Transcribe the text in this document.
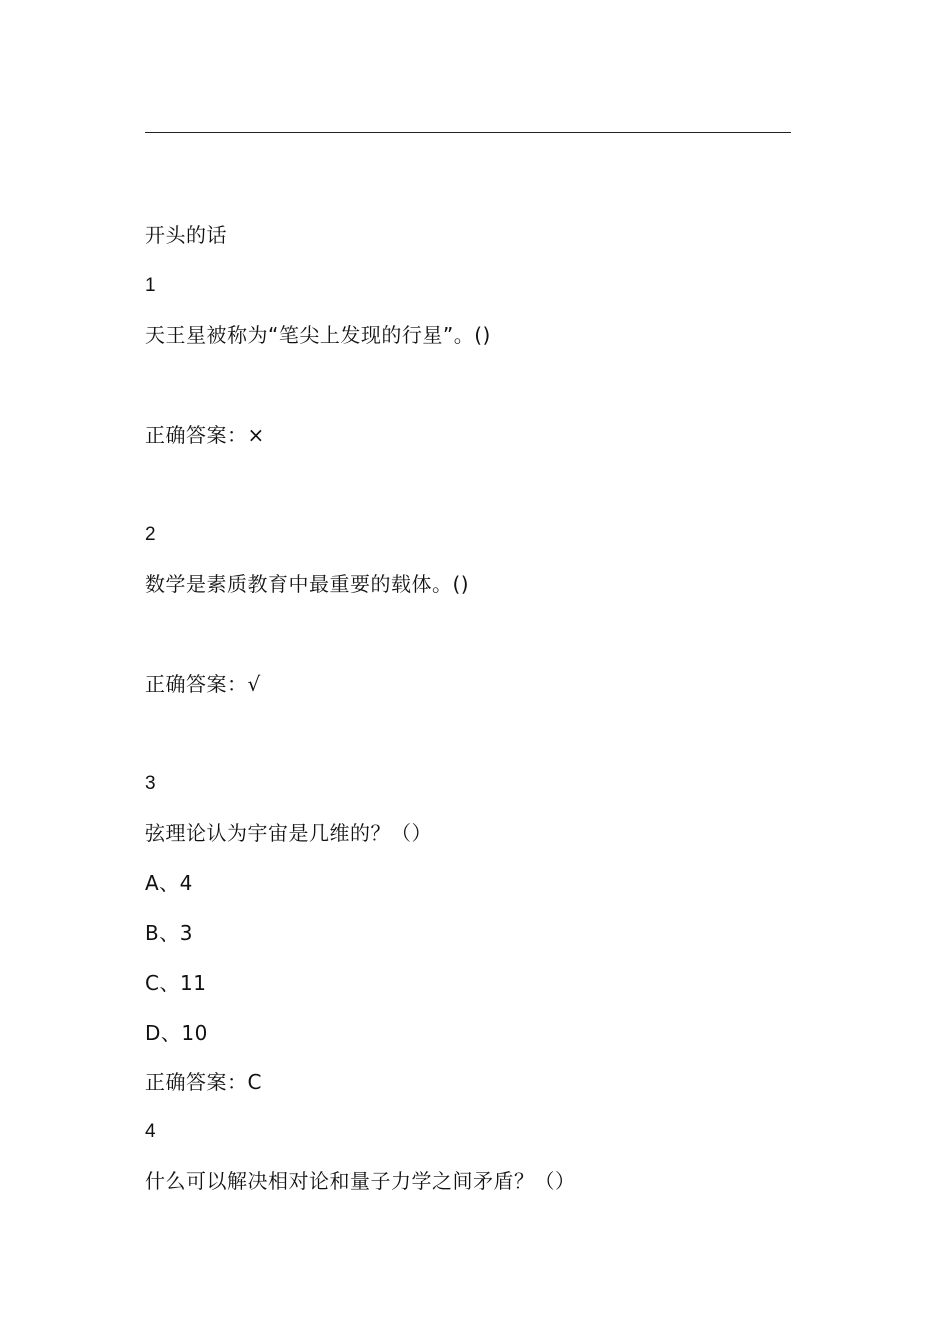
开头的话
1
天王星被称为“笔尖上发现的行星”。()
正确答案：×
2
数学是素质教育中最重要的载体。()
正确答案：√
3
弦理论认为宇宙是几维的？（）
A、4
B、3
C、11
D、10
正确答案：C
4
什么可以解决相对论和量子力学之间矛盾？（）
